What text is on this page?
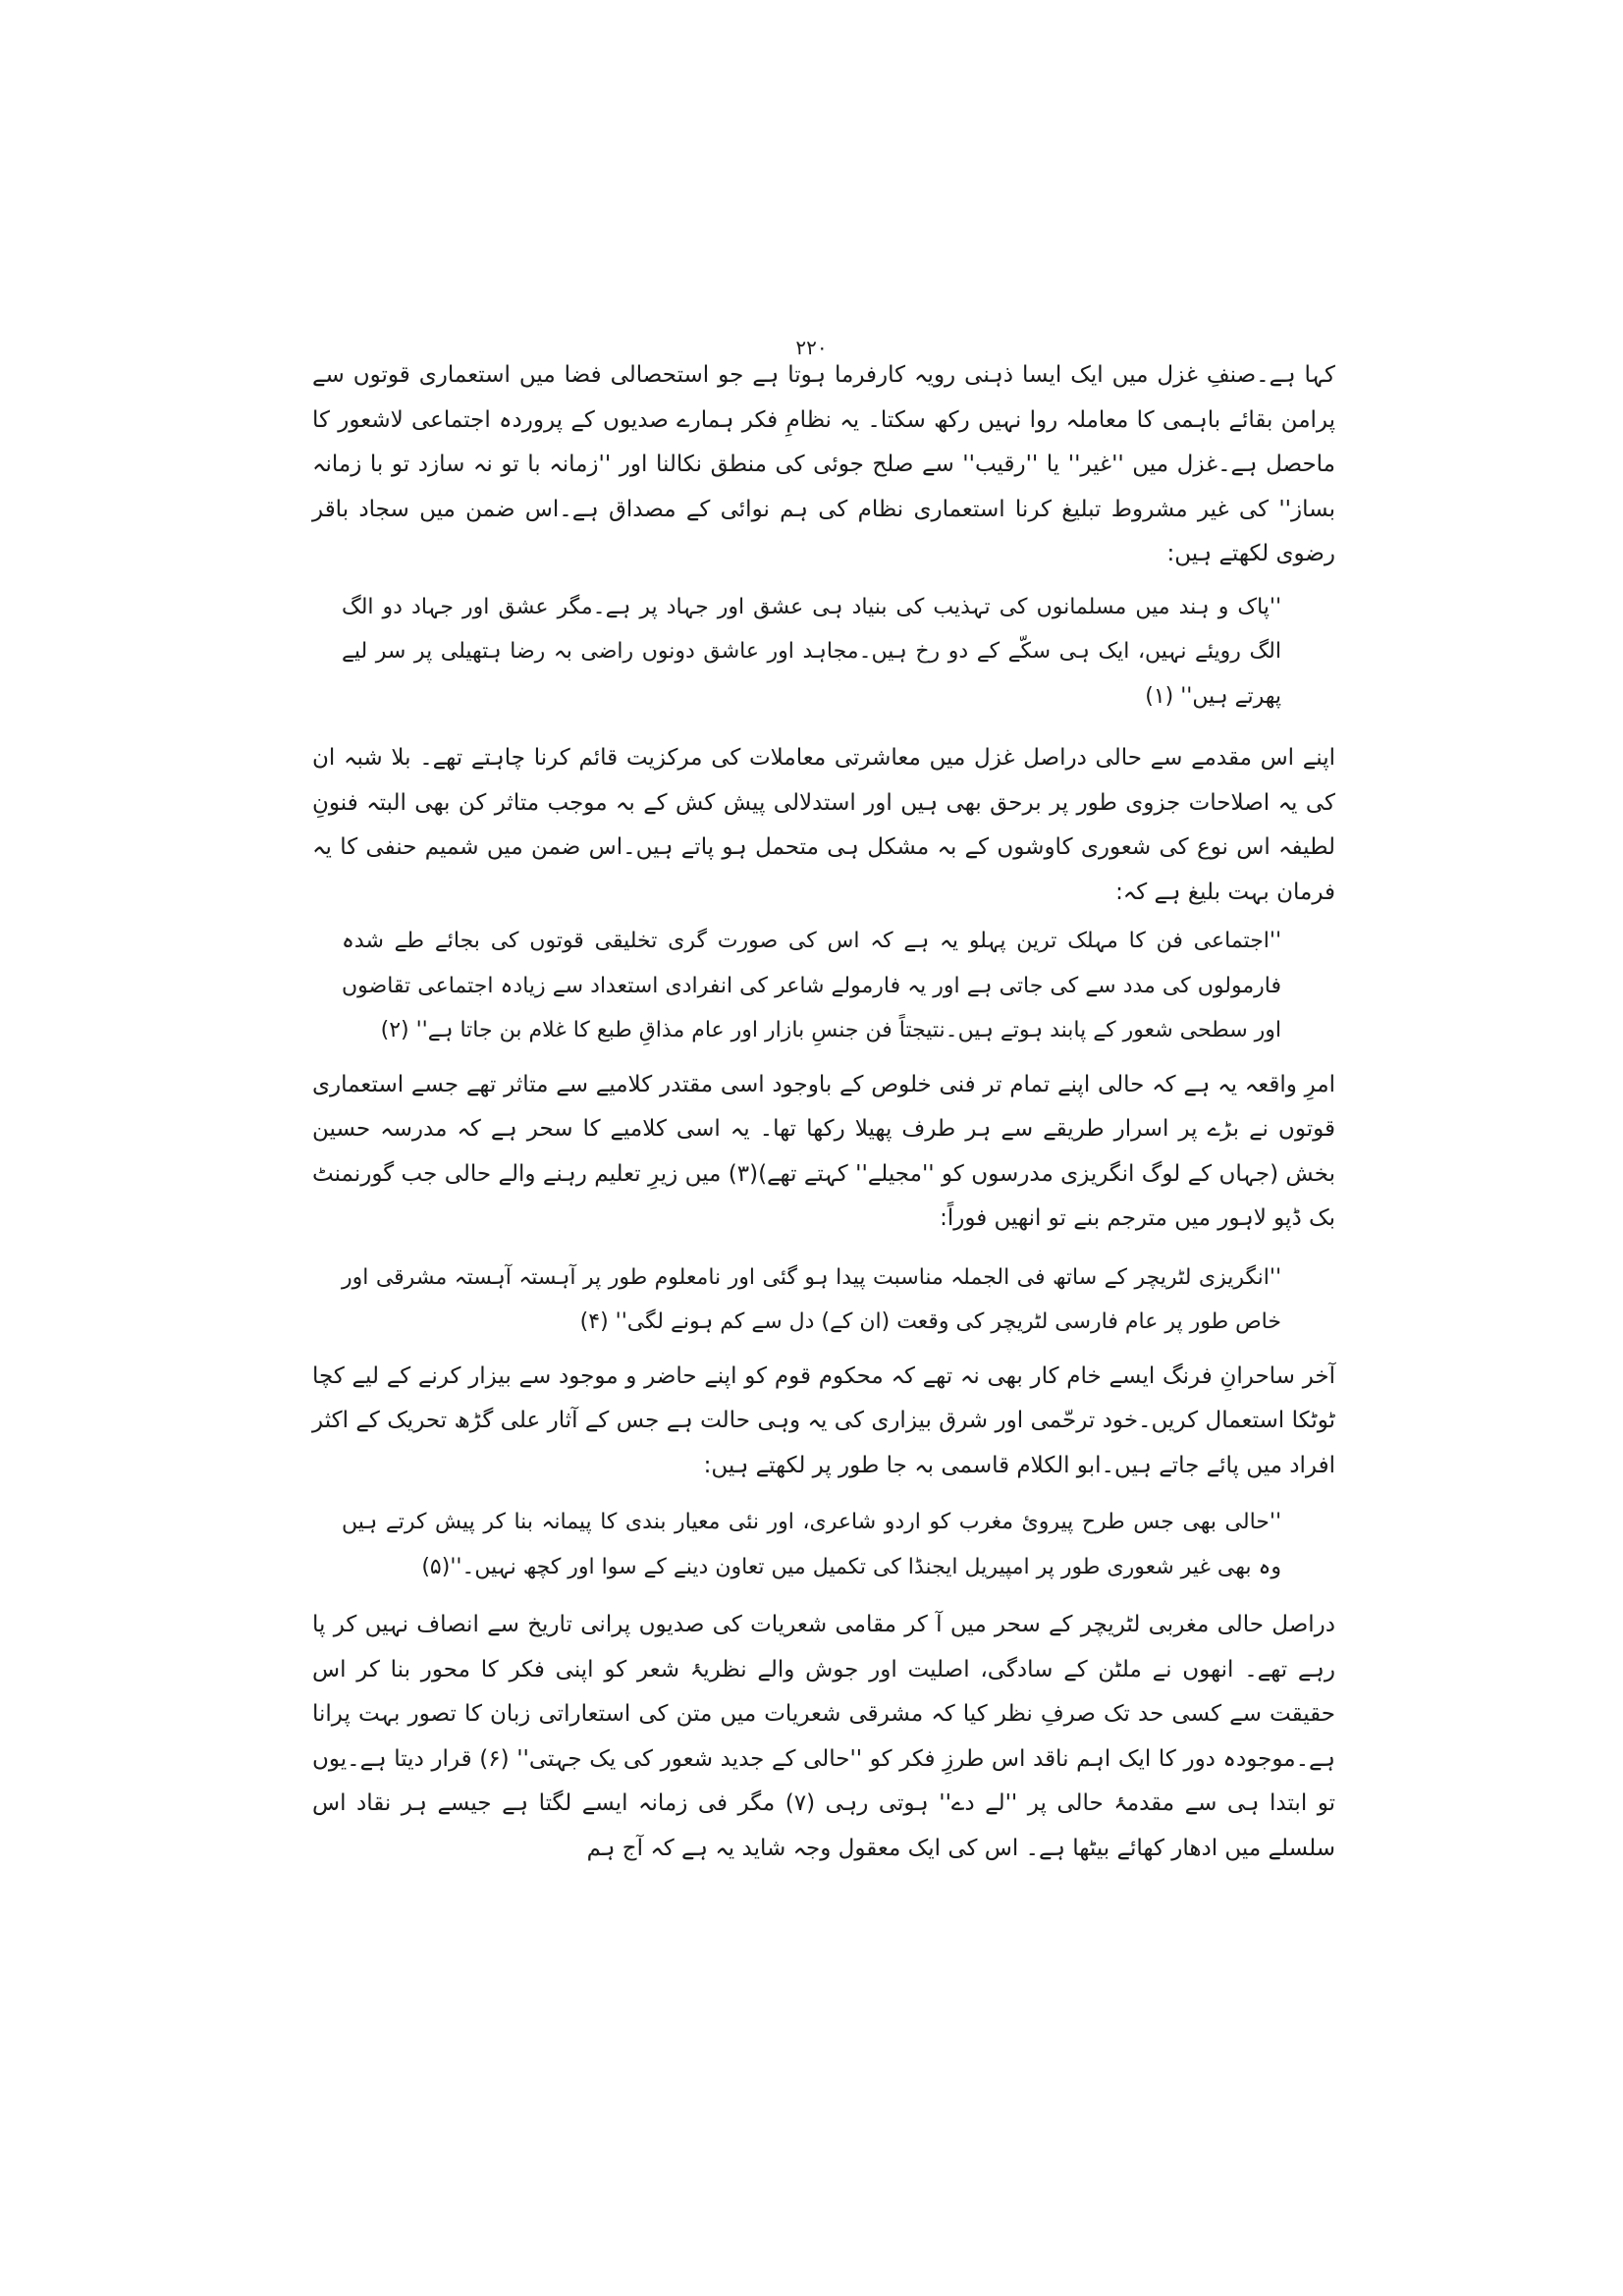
۲۲۰

کہا ہے۔صنفِ غزل میں ایک ایسا ذہنی رویہ کارفرما ہوتا ہے جو استحصالی فضا میں استعماری قوتوں سے پرامن بقائے باہمی کا معاملہ روا نہیں رکھ سکتا۔ یہ نظامِ فکر ہمارے صدیوں کے پروردہ اجتماعی لاشعور کا ماحصل ہے۔غزل میں ''غیر'' یا ''رقیب'' سے صلح جوئی کی منطق نکالنا اور ''زمانہ با تو نہ سازد تو با زمانہ بساز'' کی غیر مشروط تبلیغ کرنا استعماری نظام کی ہم نوائی کے مصداق ہے۔اس ضمن میں سجاد باقر رضوی لکھتے ہیں:

''پاک و ہند میں مسلمانوں کی تہذیب کی بنیاد ہی عشق اور جہاد پر ہے۔مگر عشق اور جہاد دو الگ الگ رویئے نہیں، ایک ہی سکّے کے دو رخ ہیں۔مجاہد اور عاشق دونوں راضی بہ رضا ہتھیلی پر سر لیے پھرتے ہیں'' (۱)

اپنے اس مقدمے سے حالی دراصل غزل میں معاشرتی معاملات کی مرکزیت قائم کرنا چاہتے تھے۔ بلا شبہ ان کی یہ اصلاحات جزوی طور پر برحق بھی ہیں اور استدلالی پیش کش کے بہ موجب متاثر کن بھی البتہ فنونِ لطیفہ اس نوع کی شعوری کاوشوں کے بہ مشکل ہی متحمل ہو پاتے ہیں۔اس ضمن میں شمیم حنفی کا یہ فرمان بہت بلیغ ہے کہ:

''اجتماعی فن کا مہلک ترین پہلو یہ ہے کہ اس کی صورت گری تخلیقی قوتوں کی بجائے طے شدہ فارمولوں کی مدد سے کی جاتی ہے اور یہ فارمولے شاعر کی انفرادی استعداد سے زیادہ اجتماعی تقاضوں اور سطحی شعور کے پابند ہوتے ہیں۔نتیجتاً فن جنسِ بازار اور عام مذاقِ طبع کا غلام بن جاتا ہے'' (۲)

امرِ واقعہ یہ ہے کہ حالی اپنے تمام تر فنی خلوص کے باوجود اسی مقتدر کلامیے سے متاثر تھے جسے استعماری قوتوں نے بڑے پر اسرار طریقے سے ہر طرف پھیلا رکھا تھا۔ یہ اسی کلامیے کا سحر ہے کہ مدرسہ حسین بخش (جہاں کے لوگ انگریزی مدرسوں کو ''مجیلے'' کہتے تھے)(۳) میں زیرِ تعلیم رہنے والے حالی جب گورنمنٹ بک ڈپو لاہور میں مترجم بنے تو انھیں فوراً:

''انگریزی لٹریچر کے ساتھ فی الجملہ مناسبت پیدا ہو گئی اور نامعلوم طور پر آہستہ آہستہ مشرقی اور خاص طور پر عام فارسی لٹریچر کی وقعت (ان کے) دل سے کم ہونے لگی'' (۴)

آخر ساحرانِ فرنگ ایسے خام کار بھی نہ تھے کہ محکوم قوم کو اپنے حاضر و موجود سے بیزار کرنے کے لیے کچا ٹوٹکا استعمال کریں۔خود ترحّمی اور شرق بیزاری کی یہ وہی حالت ہے جس کے آثار علی گڑھ تحریک کے اکثر افراد میں پائے جاتے ہیں۔ابو الکلام قاسمی بہ جا طور پر لکھتے ہیں:

''حالی بھی جس طرح پیرویٔ مغرب کو اردو شاعری، اور نئی معیار بندی کا پیمانہ بنا کر پیش کرتے ہیں وہ بھی غیر شعوری طور پر امپیریل ایجنڈا کی تکمیل میں تعاون دینے کے سوا اور کچھ نہیں۔''(۵)

دراصل حالی مغربی لٹریچر کے سحر میں آ کر مقامی شعریات کی صدیوں پرانی تاریخ سے انصاف نہیں کر پا رہے تھے۔ انھوں نے ملٹن کے سادگی، اصلیت اور جوش والے نظریۂ شعر کو اپنی فکر کا محور بنا کر اس حقیقت سے کسی حد تک صرفِ نظر کیا کہ مشرقی شعریات میں متن کی استعاراتی زبان کا تصور بہت پرانا ہے۔موجودہ دور کا ایک اہم ناقد اس طرزِ فکر کو ''حالی کے جدید شعور کی یک جہتی'' (۶) قرار دیتا ہے۔یوں تو ابتدا ہی سے مقدمۂ حالی پر ''لے دے'' ہوتی رہی (۷) مگر فی زمانہ ایسے لگتا ہے جیسے ہر نقاد اس سلسلے میں ادھار کھائے بیٹھا ہے۔ اس کی ایک معقول وجہ شاید یہ ہے کہ آج ہم
